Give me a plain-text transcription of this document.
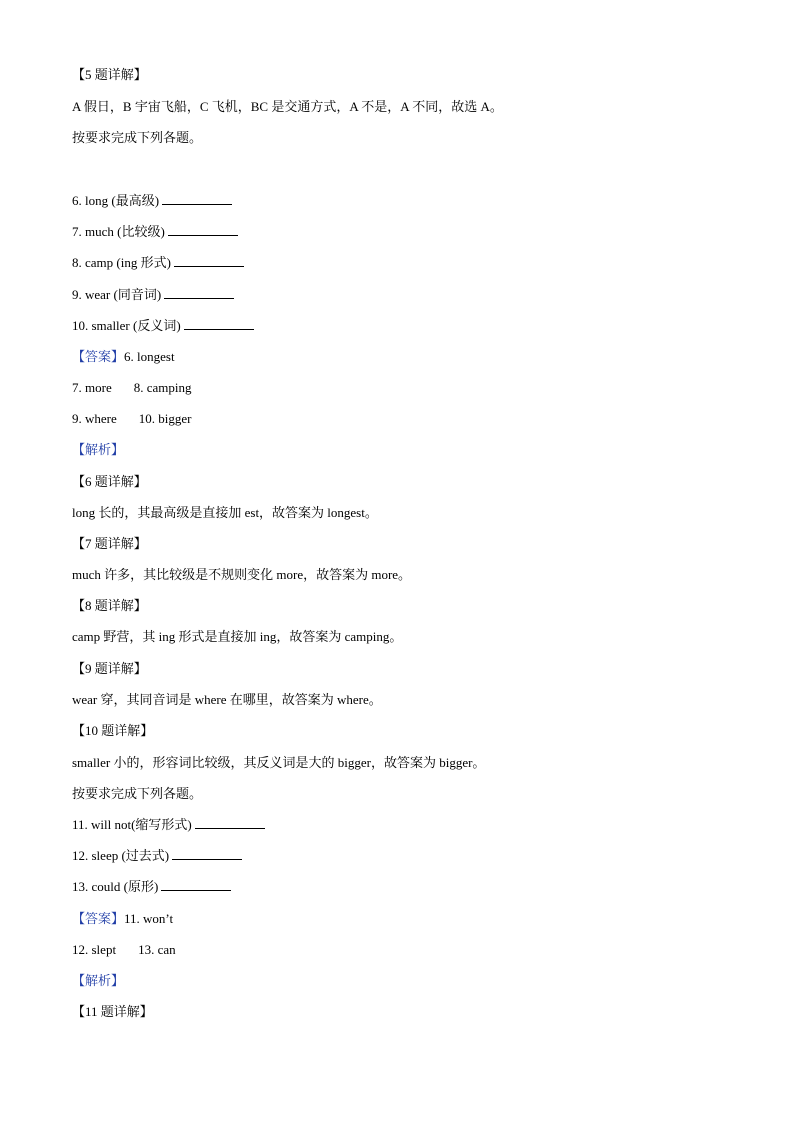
【5 题详解】
A 假日，B 宇宙飞船，C 飞机，BC 是交通方式，A 不是，A 不同，故选 A。
按要求完成下列各题。
6. long (最高级)
7. much (比较级)
8. camp (ing 形式)
9. wear (同音词)
10. smaller (反义词)
【答案】6. longest
7. more 8. camping
9. where 10. bigger
【解析】
【6 题详解】
long 长的，其最高级是直接加 est，故答案为 longest。
【7 题详解】
much 许多，其比较级是不规则变化 more，故答案为 more。
【8 题详解】
camp 野营，其 ing 形式是直接加 ing，故答案为 camping。
【9 题详解】
wear 穿，其同音词是 where 在哪里，故答案为 where。
【10 题详解】
smaller 小的，形容词比较级，其反义词是大的 bigger，故答案为 bigger。
按要求完成下列各题。
11. will not(缩写形式)
12. sleep (过去式)
13. could (原形)
【答案】11. won’t
12. slept 13. can
【解析】
【11 题详解】
